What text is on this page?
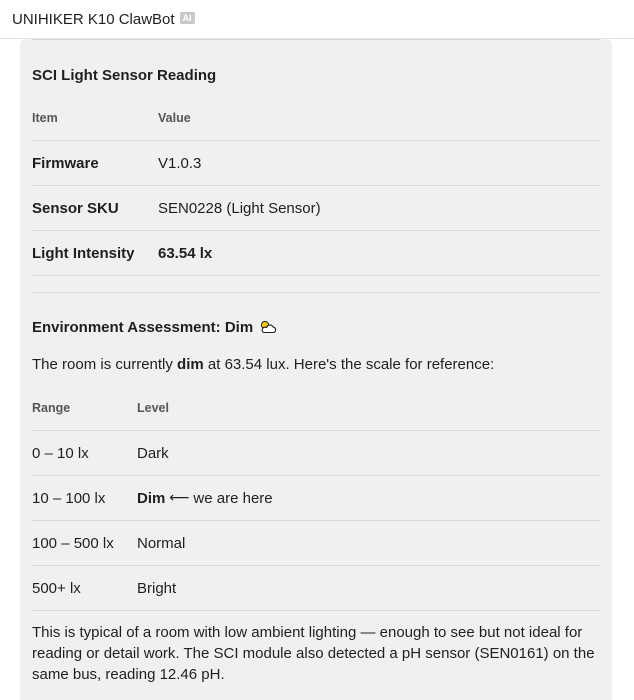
UNIHIKER K10 ClawBot AI
SCI Light Sensor Reading
Item	Value
Firmware	V1.0.3
Sensor SKU	SEN0228 (Light Sensor)
Light Intensity 63.54 lx
Environment Assessment: Dim
The room is currently dim at 63.54 lux. Here's the scale for reference:
Range	Level
0 – 10 lx	Dark
10 – 100 lx Dim ⟵ we are here
100 – 500 lx Normal
500+ lx	Bright
This is typical of a room with low ambient lighting — enough to see but not ideal for reading or detail work. The SCI module also detected a pH sensor (SEN0161) on the same bus, reading 12.46 pH.
